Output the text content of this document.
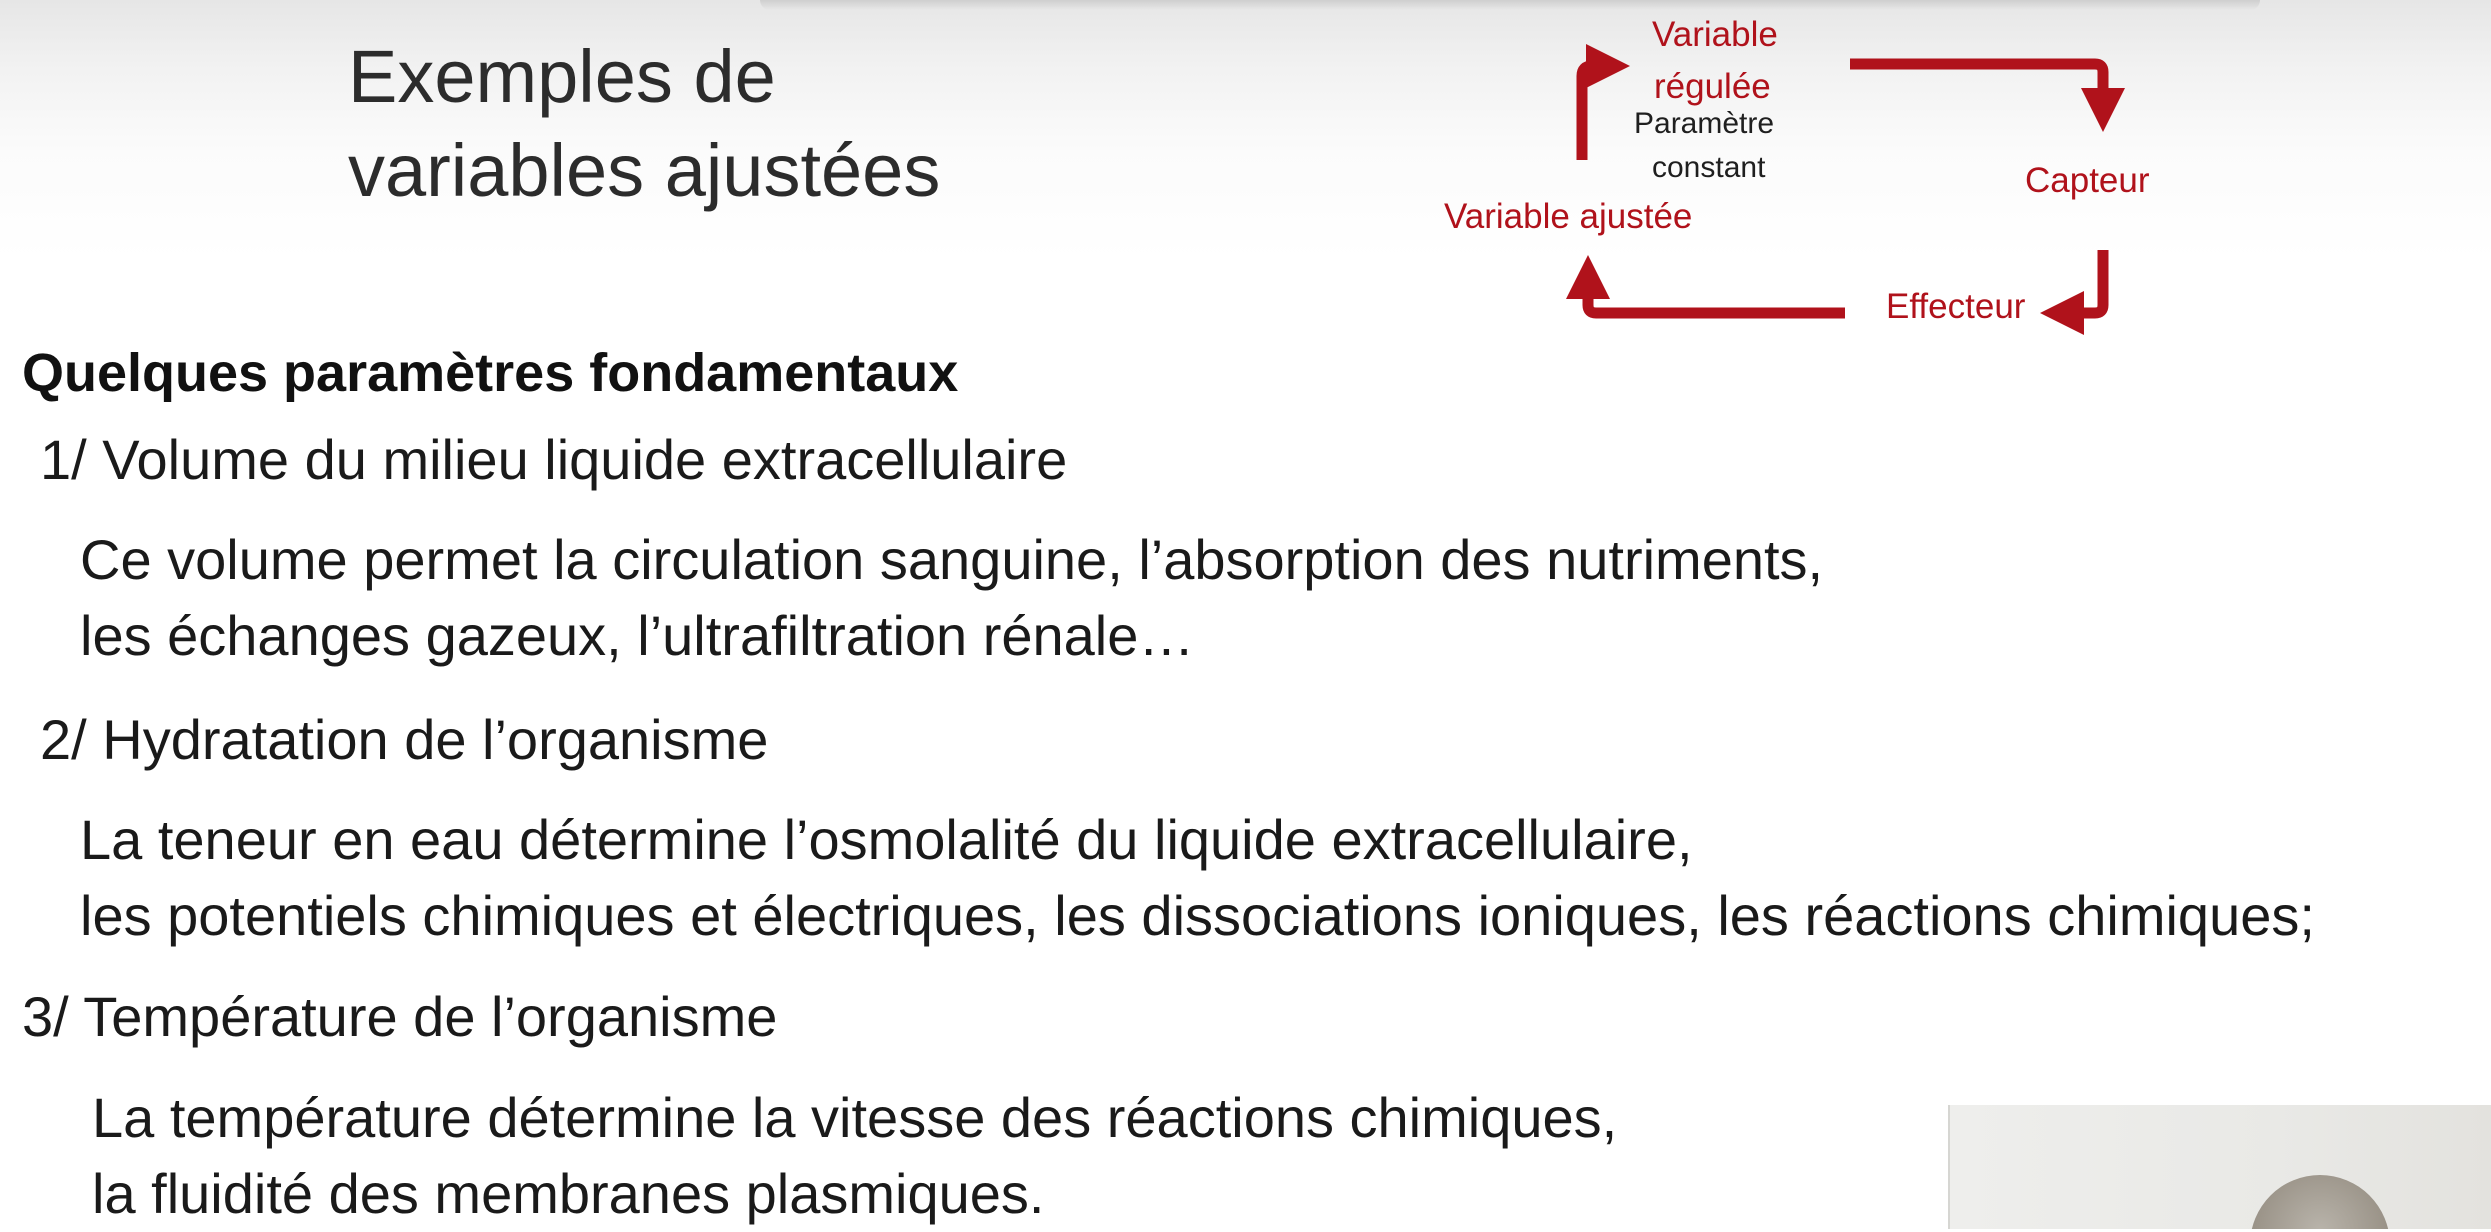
Exemples de
variables ajustées
Variable
régulée
Paramètre
constant	Capteur
Variable ajustée
Effecteur
Quelques paramètres fondamentaux
1/ Volume du milieu liquide extracellulaire
Ce volume permet la circulation sanguine, l’absorption des nutriments,
les échanges gazeux, l’ultrafiltration rénale…
2/ Hydratation de l’organisme
La teneur en eau détermine l’osmolalité du liquide extracellulaire,
les potentiels chimiques et électriques, les dissociations ioniques, les réactions chimiques;
3/ Température de l’organisme
La température détermine la vitesse des réactions chimiques,
la fluidité des membranes plasmiques.
